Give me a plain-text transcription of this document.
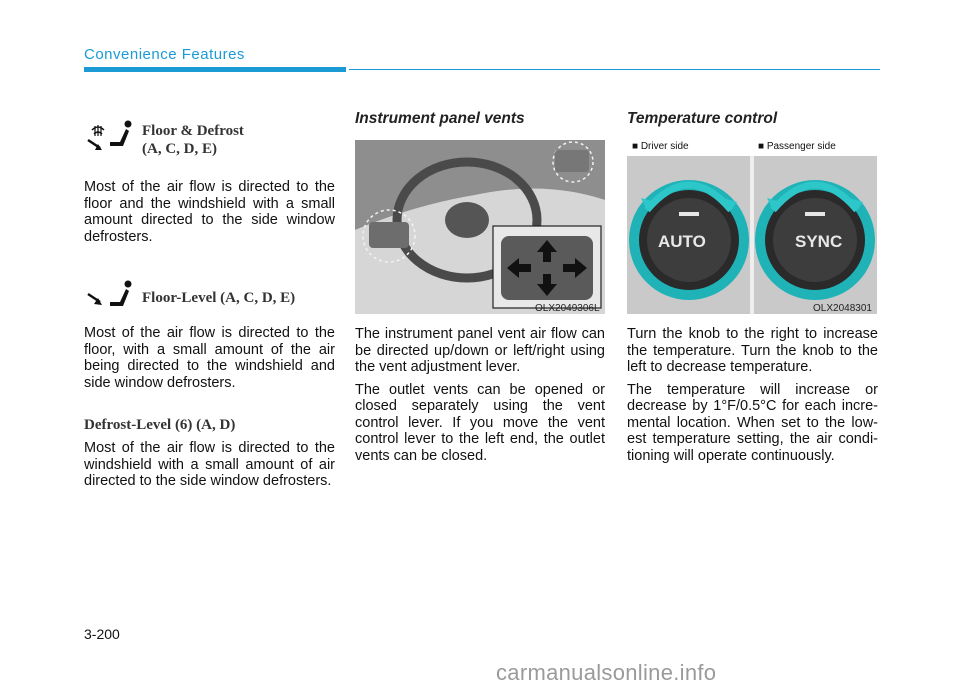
Convenience Features
Floor & Defrost
(A, C, D, E)

Most of the air flow is directed to the floor and the windshield with a small amount directed to the side window defrosters.

Floor-Level (A, C, D, E)

Most of the air flow is directed to the floor, with a small amount of the air being directed to the windshield and side window defrosters.

Defrost-Level (6) (A, D)

Most of the air flow is directed to the windshield with a small amount of air directed to the side window defrosters.

Instrument panel vents
OLX2049306L

The instrument panel vent air flow can be directed up/down or left/right using the vent adjustment lever.

The outlet vents can be opened or closed separately using the vent control lever. If you move the vent control lever to the left end, the outlet vents can be closed.

Temperature control
■ Driver side	■ Passenger side
AUTO	SYNC
OLX2048301

Turn the knob to the right to increase the temperature. Turn the knob to the left to decrease temperature.

The temperature will increase or decrease by 1°F/0.5°C for each incre-mental location. When set to the low-est temperature setting, the air condi-tioning will operate continuously.

3-200
carmanualsonline.info
